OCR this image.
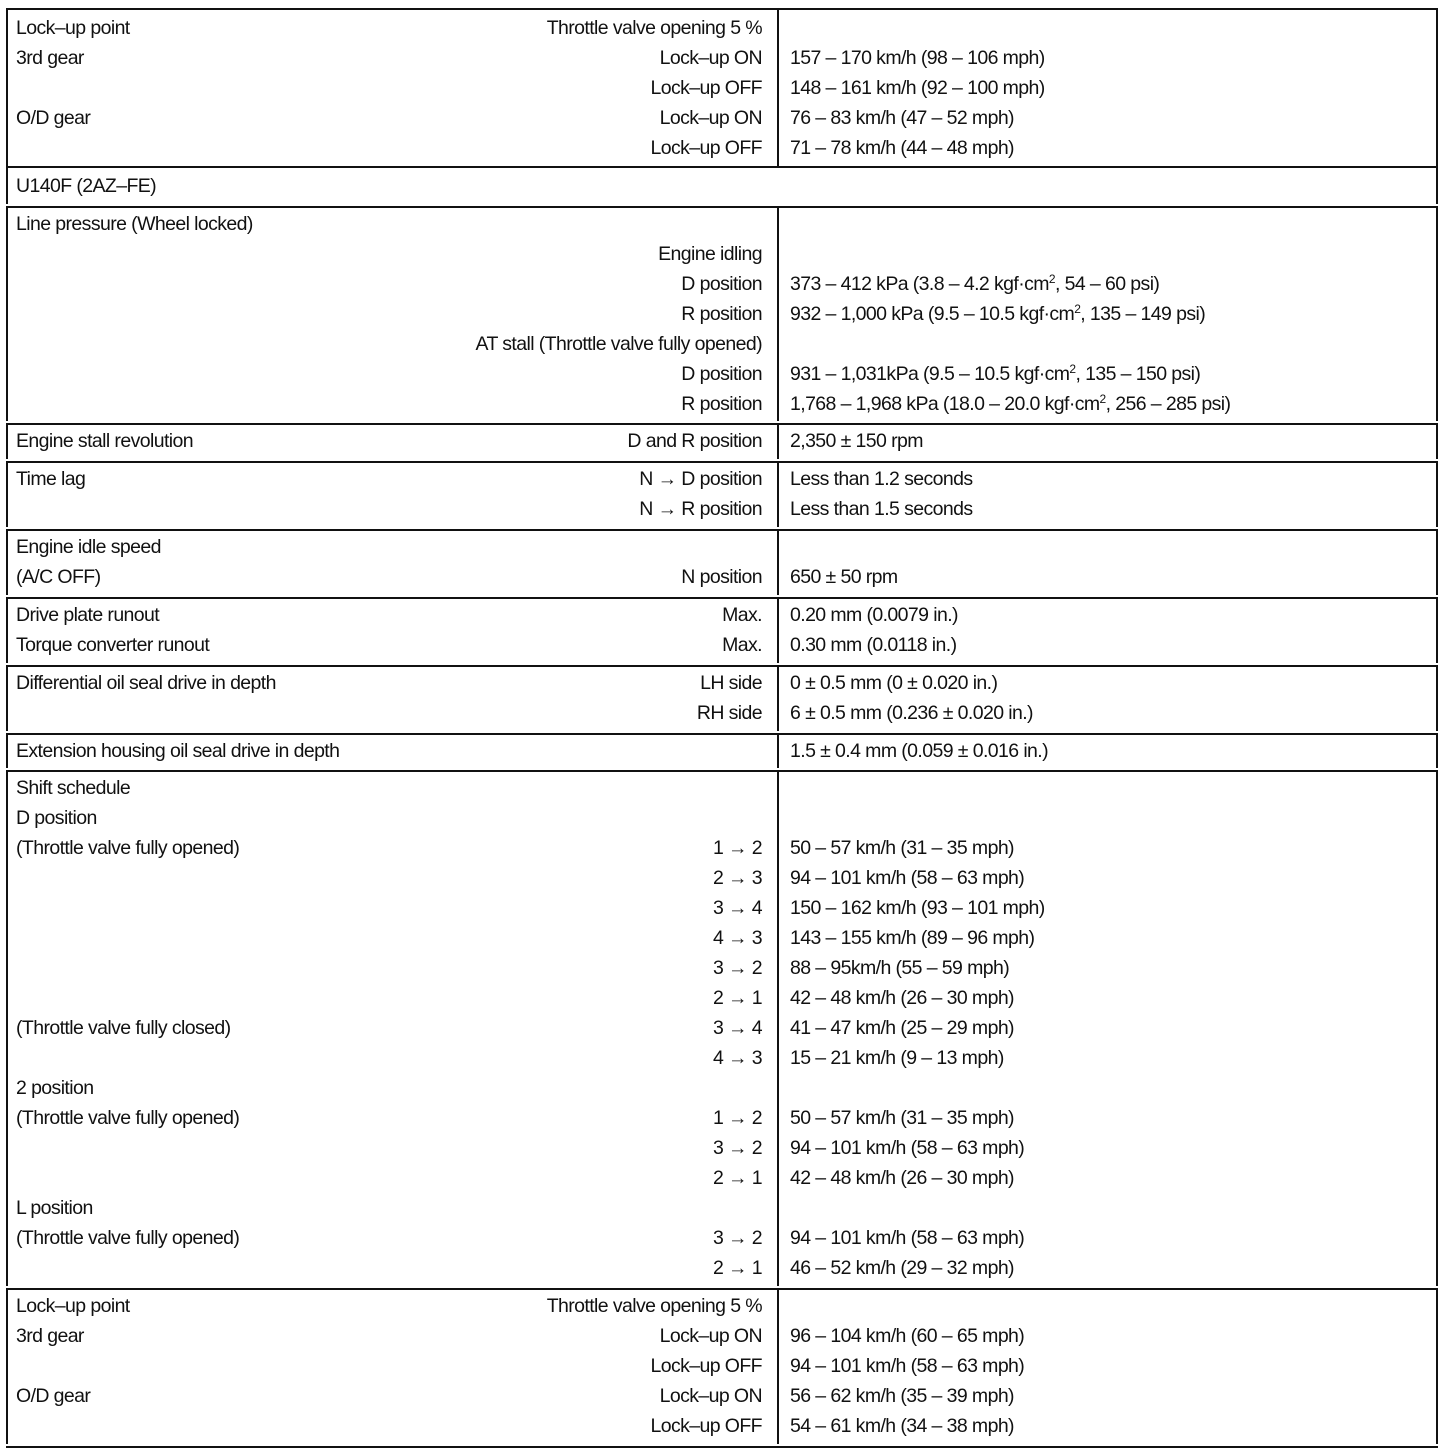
Lock–up point	Throttle valve opening 5 %
3rd gear	Lock–up ON 157 – 170 km/h (98 – 106 mph)
Lock–up OFF 148 – 161 km/h (92 – 100 mph)
O/D gear	Lock–up ON 76 – 83 km/h (47 – 52 mph)
Lock–up OFF 71 – 78 km/h (44 – 48 mph)
U140F (2AZ–FE)
Line pressure (Wheel locked)
Engine idling
D position 373 – 412 kPa (3.8 – 4.2 $kgf\cdot cm^2$, 54 – 60 psi)
R position 932 – 1,000 kPa (9.5 – 10.5 $kgf\cdot cm^2$, 135 – 149 psi)
AT stall (Throttle valve fully opened)
D position 931 – 1,031kPa (9.5 – 10.5 $kgf\cdot cm^2$, 135 – 150 psi)
R position 1,768 – 1,968 kPa (18.0 – 20.0 $kgf\cdot cm^2$, 256 – 285 psi)
Engine stall revolution	D and R position 2,350 ± 150 rpm
Time lag	N → D position Less than 1.2 seconds
N → R position Less than 1.5 seconds
Engine idle speed
(A/C OFF)	N position 650 ± 50 rpm
Drive plate runout	Max. 0.20 mm (0.0079 in.)
Torque converter runout	Max. 0.30 mm (0.0118 in.)
Differential oil seal drive in depth	LH side 0 ± 0.5 mm (0 ± 0.020 in.)
RH side 6 ± 0.5 mm (0.236 ± 0.020 in.)
Extension housing oil seal drive in depth	1.5 ± 0.4 mm (0.059 ± 0.016 in.)
Shift schedule
D position
(Throttle valve fully opened)	1 → 2 50 – 57 km/h (31 – 35 mph)
2 → 3 94 – 101 km/h (58 – 63 mph)
3 → 4 150 – 162 km/h (93 – 101 mph)
4 → 3 143 – 155 km/h (89 – 96 mph)
3 → 2 88 – 95km/h (55 – 59 mph)
2 → 1 42 – 48 km/h (26 – 30 mph)
(Throttle valve fully closed)	3 → 4 41 – 47 km/h (25 – 29 mph)
4 → 3 15 – 21 km/h (9 – 13 mph)
2 position
(Throttle valve fully opened)	1 → 2 50 – 57 km/h (31 – 35 mph)
3 → 2 94 – 101 km/h (58 – 63 mph)
2 → 1 42 – 48 km/h (26 – 30 mph)
L position
(Throttle valve fully opened)	3 → 2 94 – 101 km/h (58 – 63 mph)
2 → 1 46 – 52 km/h (29 – 32 mph)
Lock–up point	Throttle valve opening 5 %
3rd gear	Lock–up ON 96 – 104 km/h (60 – 65 mph)
Lock–up OFF 94 – 101 km/h (58 – 63 mph)
O/D gear	Lock–up ON 56 – 62 km/h (35 – 39 mph)
Lock–up OFF 54 – 61 km/h (34 – 38 mph)
